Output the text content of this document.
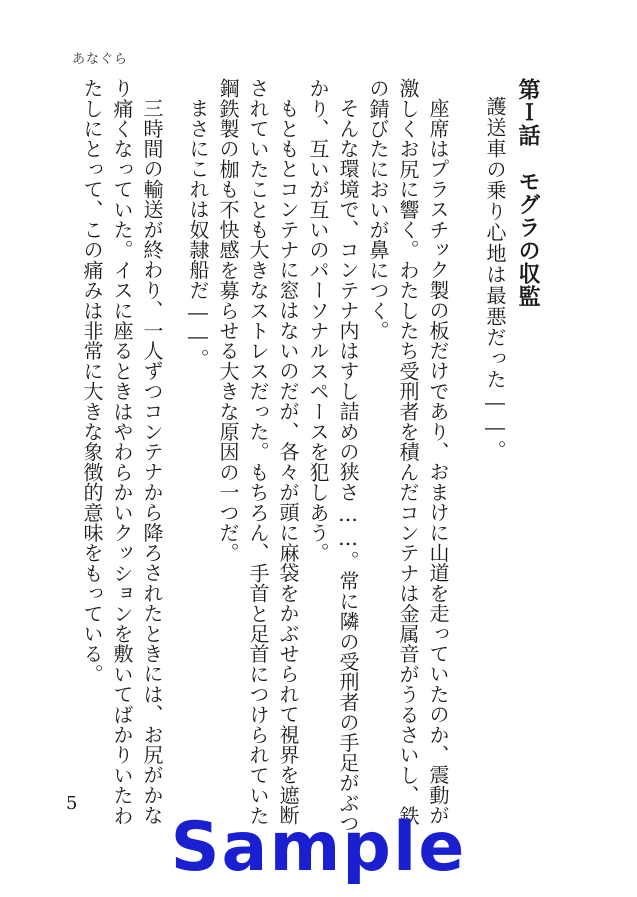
あなぐら
第Ｉ話　モグラの収監
護送車の乗り心地は最悪だった――。
座席はプラスチック製の板だけであり、おまけに山道を走っていたのか、震動が
激しくお尻に響く。わたしたち受刑者を積んだコンテナは金属音がうるさいし、鉄
の錆びたにおいが鼻につく。
そんな環境で、コンテナ内はすし詰めの狭さ……。常に隣の受刑者の手足がぶつ
かり、互いが互いのパーソナルスペースを犯しあう。
もともとコンテナに窓はないのだが、各々が頭に麻袋をかぶせられて視界を遮断
されていたことも大きなストレスだった。もちろん、手首と足首につけられていた
鋼鉄製の枷も不快感を募らせる大きな原因の一つだ。
まさにこれは奴隷船だ――。
三時間の輸送が終わり、一人ずつコンテナから降ろされたときには、お尻がかな
り痛くなっていた。イスに座るときはやわらかいクッションを敷いてばかりいたわ
たしにとって、この痛みは非常に大きな象徴的意味をもっている。
5
Sample
